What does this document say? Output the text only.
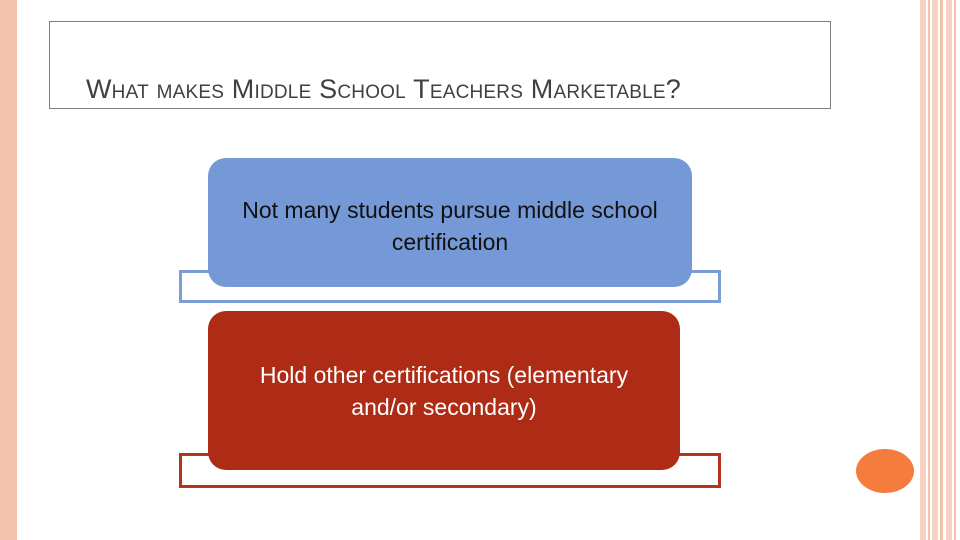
What makes Middle School Teachers Marketable?
Not many students pursue middle school certification
Hold other certifications (elementary and/or secondary)
